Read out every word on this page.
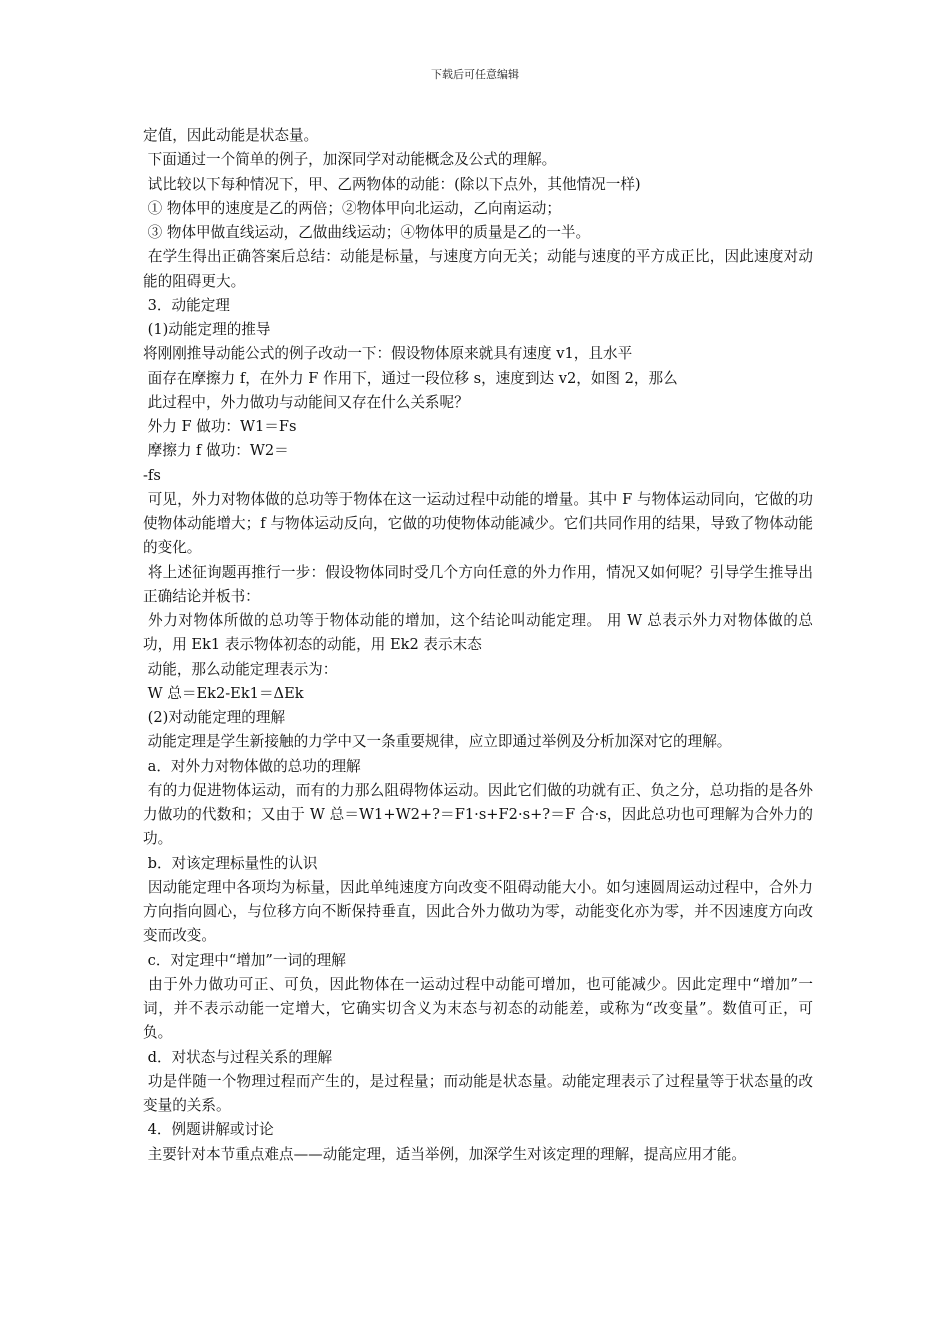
下载后可任意编辑

定值，因此动能是状态量。

下面通过一个简单的例子，加深同学对动能概念及公式的理解。

试比较以下每种情况下，甲、乙两物体的动能：(除以下点外，其他情况一样)

① 物体甲的速度是乙的两倍；②物体甲向北运动，乙向南运动；

③ 物体甲做直线运动，乙做曲线运动；④物体甲的质量是乙的一半。

在学生得出正确答案后总结：动能是标量，与速度方向无关；动能与速度的平方成正比，因此速度对动能的阻碍更大。

3．动能定理

(1)动能定理的推导

将刚刚推导动能公式的例子改动一下：假设物体原来就具有速度 v1，且水平

面存在摩擦力 f，在外力 F 作用下，通过一段位移 s，速度到达 v2，如图 2，那么

此过程中，外力做功与动能间又存在什么关系呢？

外力 F 做功：W1＝Fs

摩擦力 f 做功：W2＝

-fs

可见，外力对物体做的总功等于物体在这一运动过程中动能的增量。其中 F 与物体运动同向，它做的功使物体动能增大；f 与物体运动反向，它做的功使物体动能减少。它们共同作用的结果，导致了物体动能的变化。

将上述征询题再推行一步：假设物体同时受几个方向任意的外力作用，情况又如何呢？引导学生推导出正确结论并板书：

外力对物体所做的总功等于物体动能的增加，这个结论叫动能定理。 用 W 总表示外力对物体做的总功，用 Ek1 表示物体初态的动能，用 Ek2 表示末态

动能，那么动能定理表示为：

W 总＝Ek2-Ek1＝ΔEk

(2)对动能定理的理解

动能定理是学生新接触的力学中又一条重要规律，应立即通过举例及分析加深对它的理解。

a．对外力对物体做的总功的理解

有的力促进物体运动，而有的力那么阻碍物体运动。因此它们做的功就有正、负之分，总功指的是各外力做功的代数和；又由于 W 总＝W1+W2+?＝F1·s+F2·s+?＝F 合·s，因此总功也可理解为合外力的功。

b．对该定理标量性的认识

因动能定理中各项均为标量，因此单纯速度方向改变不阻碍动能大小。如匀速圆周运动过程中，合外力方向指向圆心，与位移方向不断保持垂直，因此合外力做功为零，动能变化亦为零，并不因速度方向改变而改变。

c．对定理中“增加”一词的理解

由于外力做功可正、可负，因此物体在一运动过程中动能可增加，也可能减少。因此定理中“增加”一词，并不表示动能一定增大，它确实切含义为末态与初态的动能差，或称为“改变量”。数值可正，可负。

d．对状态与过程关系的理解

功是伴随一个物理过程而产生的，是过程量；而动能是状态量。动能定理表示了过程量等于状态量的改变量的关系。

4．例题讲解或讨论

主要针对本节重点难点——动能定理，适当举例，加深学生对该定理的理解，提高应用才能。
